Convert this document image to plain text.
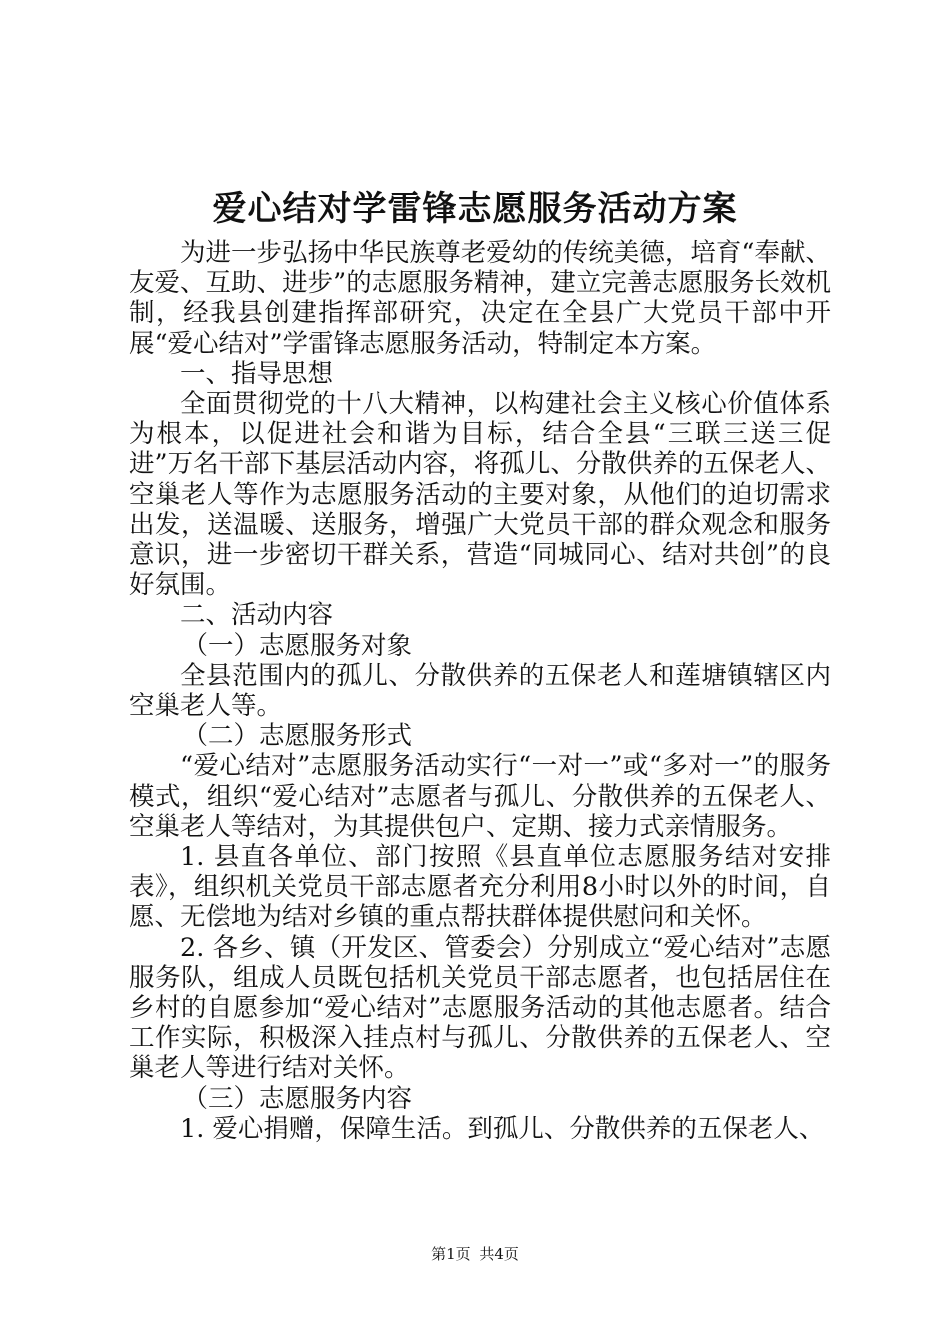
爱心结对学雷锋志愿服务活动方案

为进一步弘扬中华民族尊老爱幼的传统美德，培育“奉献、友爱、互助、进步”的志愿服务精神，建立完善志愿服务长效机制，经我县创建指挥部研究，决定在全县广大党员干部中开展“爱心结对”学雷锋志愿服务活动，特制定本方案。

一、指导思想

全面贯彻党的十八大精神，以构建社会主义核心价值体系为根本，以促进社会和谐为目标，结合全县“三联三送三促进”万名干部下基层活动内容，将孤儿、分散供养的五保老人、空巢老人等作为志愿服务活动的主要对象，从他们的迫切需求出发，送温暖、送服务，增强广大党员干部的群众观念和服务意识，进一步密切干群关系，营造“同城同心、结对共创”的良好氛围。

二、活动内容

（一）志愿服务对象

全县范围内的孤儿、分散供养的五保老人和莲塘镇辖区内空巢老人等。

（二）志愿服务形式

“爱心结对”志愿服务活动实行“一对一”或“多对一”的服务模式，组织“爱心结对”志愿者与孤儿、分散供养的五保老人、空巢老人等结对，为其提供包户、定期、接力式亲情服务。

1. 县直各单位、部门按照《县直单位志愿服务结对安排表》，组织机关党员干部志愿者充分利用8小时以外的时间，自愿、无偿地为结对乡镇的重点帮扶群体提供慰问和关怀。

2. 各乡、镇（开发区、管委会）分别成立“爱心结对”志愿服务队，组成人员既包括机关党员干部志愿者，也包括居住在乡村的自愿参加“爱心结对”志愿服务活动的其他志愿者。结合工作实际，积极深入挂点村与孤儿、分散供养的五保老人、空巢老人等进行结对关怀。

（三）志愿服务内容

1. 爱心捐赠，保障生活。到孤儿、分散供养的五保老人、

第1页 共4页
